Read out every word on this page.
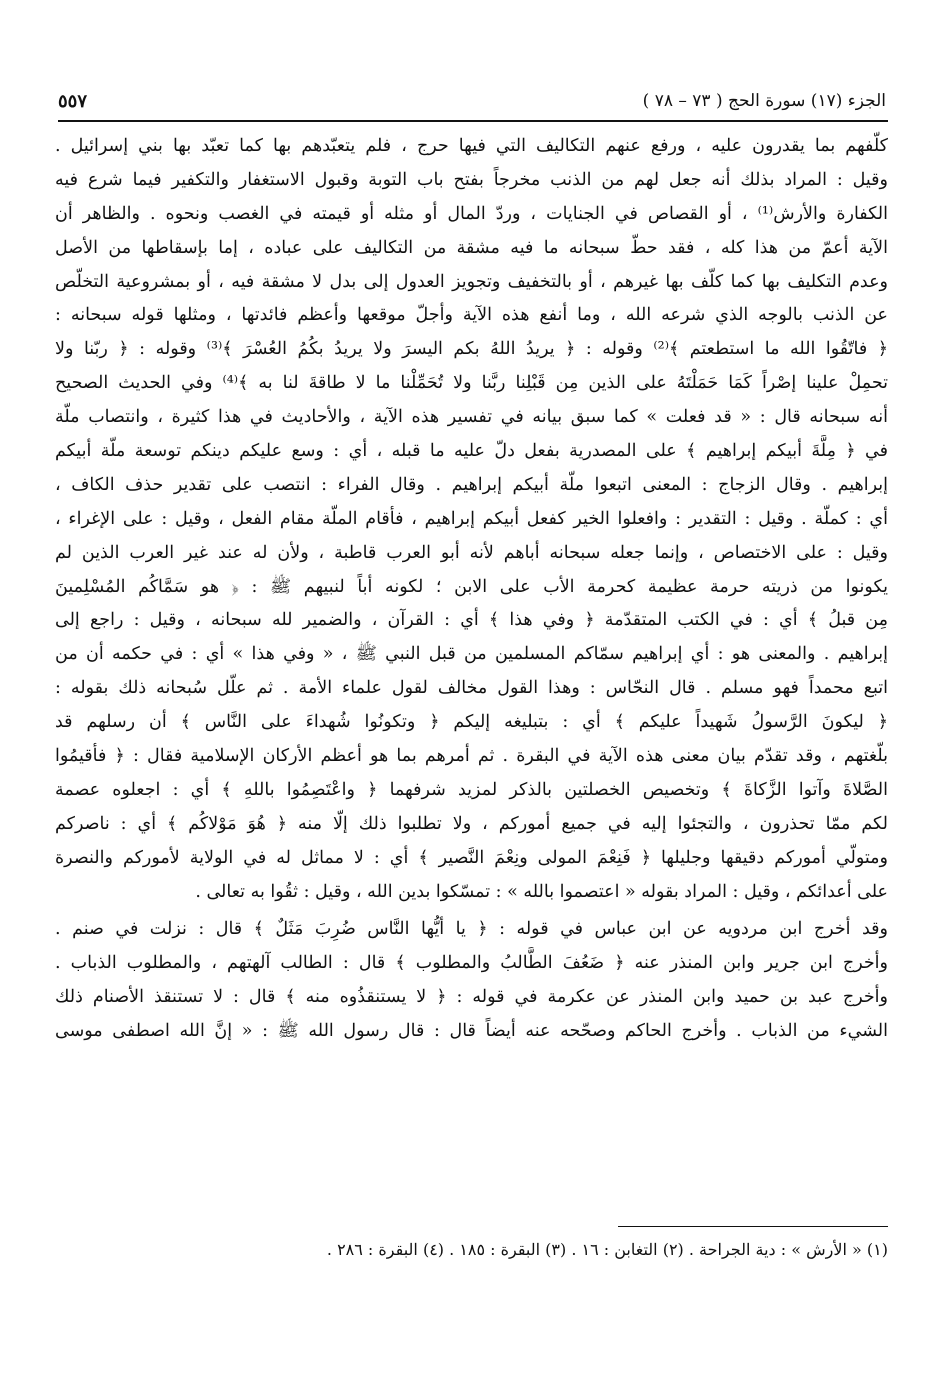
الجزء (١٧) سورة الحج ( ٧٣ – ٧٨ )
٥٥٧
كلّفهم بما يقدرون عليه ، ورفع عنهم التكاليف التي فيها حرج ، فلم يتعبّدهم بها كما تعبّد بها بني إسرائيل .
وقيل : المراد بذلك أنه جعل لهم من الذنب مخرجاً بفتح باب التوبة وقبول الاستغفار والتكفير فيما شرع فيه
الكفارة والأرش⁽¹⁾ ، أو القصاص في الجنايات ، وردّ المال أو مثله أو قيمته في الغصب ونحوه . والظاهر أن
الآية أعمّ من هذا كله ، فقد حطّ سبحانه ما فيه مشقة من التكاليف على عباده ، إما بإسقاطها من الأصل
وعدم التكليف بها كما كلّف بها غيرهم ، أو بالتخفيف وتجويز العدول إلى بدل لا مشقة فيه ، أو بمشروعية التخلّص
عن الذنب بالوجه الذي شرعه الله ، وما أنفع هذه الآية وأجلّ موقعها وأعظم فائدتها ، ومثلها قوله سبحانه :
﴿ فاتّقُوا الله ما استطعتم ﴾⁽²⁾ وقوله : ﴿ يريدُ اللهُ بكم اليسرَ ولا يريدُ بكُمُ العُسْرَ ﴾⁽³⁾ وقوله : ﴿ ربّنا ولا
تحمِلْ علينا إصْراً كَمَا حَمَلْتَهُ على الذين مِن قَبْلِنا ربَّنا ولا تُحَمِّلْنا ما لا طاقةَ لنا به ﴾⁽⁴⁾ وفي الحديث الصحيح
أنه سبحانه قال : « قد فعلت » كما سبق بيانه في تفسير هذه الآية ، والأحاديث في هذا كثيرة ، وانتصاب ملّة
في ﴿ مِلَّةَ أبيكم إبراهيم ﴾ على المصدرية بفعل دلّ عليه ما قبله ، أي : وسع عليكم دينكم توسعة ملّة أبيكم
إبراهيم . وقال الزجاج : المعنى اتبعوا ملّة أبيكم إبراهيم . وقال الفراء : انتصب على تقدير حذف الكاف ،
أي : كملّة . وقيل : التقدير : وافعلوا الخير كفعل أبيكم إبراهيم ، فأقام الملّة مقام الفعل ، وقيل : على الإغراء ،
وقيل : على الاختصاص ، وإنما جعله سبحانه أباهم لأنه أبو العرب قاطبة ، ولأن له عند غير العرب الذين لم
يكونوا من ذريته حرمة عظيمة كحرمة الأب على الابن ؛ لكونه أباً لنبيهم ﷺ : ﴿ هو سَمَّاكُم المُسْلِمينَ
مِن قبلُ ﴾ أي : في الكتب المتقدّمة ﴿ وفي هذا ﴾ أي : القرآن ، والضمير لله سبحانه ، وقيل : راجع إلى
إبراهيم . والمعنى هو : أي إبراهيم سمّاكم المسلمين من قبل النبي ﷺ ، « وفي هذا » أي : في حكمه أن من
اتبع محمداً فهو مسلم . قال النحّاس : وهذا القول مخالف لقول علماء الأمة . ثم علّل سُبحانه ذلك بقوله :
﴿ ليكونَ الرَّسولُ شَهيداً عليكم ﴾ أي : بتبليغه إليكم ﴿ وتكونُوا شُهداءَ على النَّاس ﴾ أن رسلهم قد
بلّغتهم ، وقد تقدّم بيان معنى هذه الآية في البقرة . ثم أمرهم بما هو أعظم الأركان الإسلامية فقال : ﴿ فأقيمُوا
الصَّلاةَ وآتوا الزَّكاةَ ﴾ وتخصيص الخصلتين بالذكر لمزيد شرفهما ﴿ واعْتَصِمُوا باللهِ ﴾ أي : اجعلوه عصمة
لكم ممّا تحذرون ، والتجئوا إليه في جميع أموركم ، ولا تطلبوا ذلك إلّا منه ﴿ هُوَ مَوْلاكُم ﴾ أي : ناصركم
ومتولّي أموركم دقيقها وجليلها ﴿ فَنِعْمَ المولى ونِعْمَ النَّصير ﴾ أي : لا مماثل له في الولاية لأموركم والنصرة
على أعدائكم ، وقيل : المراد بقوله « اعتصموا بالله » : تمسّكوا بدين الله ، وقيل : ثقُوا به تعالى .
وقد أخرج ابن مردويه عن ابن عباس في قوله : ﴿ يا أيُّها النَّاس ضُرِبَ مَثَلٌ ﴾ قال : نزلت في صنم .
وأخرج ابن جرير وابن المنذر عنه ﴿ ضَعُفَ الطَّالبُ والمطلوب ﴾ قال : الطالب آلهتهم ، والمطلوب الذباب .
وأخرج عبد بن حميد وابن المنذر عن عكرمة في قوله : ﴿ لا يستنقذُوه منه ﴾ قال : لا تستنقذ الأصنام ذلك
الشيء من الذباب . وأخرج الحاكم وصحّحه عنه أيضاً قال : قال رسول الله ﷺ : « إنَّ الله اصطفى موسى
(١) « الأرش » : دية الجراحة . (٢) التغابن : ١٦ . (٣) البقرة : ١٨٥ . (٤) البقرة : ٢٨٦ .
